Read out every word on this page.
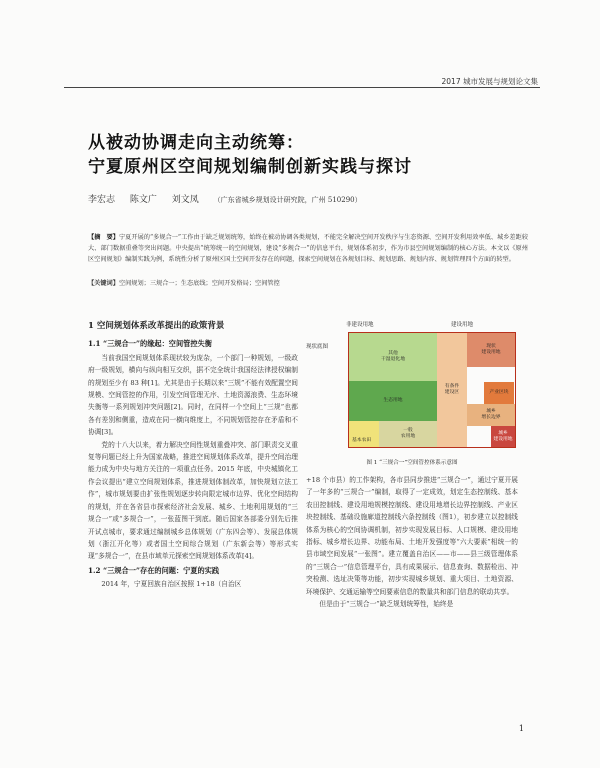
2017 城市发展与规划论文集
从被动协调走向主动统筹：
宁夏原州区空间规划编制创新实践与探讨
李宏志 陈文广 刘文凤 （广东省城乡规划设计研究院，广州 510290）
【摘　要】宁夏开展的“多规合一”工作由于缺乏规划统筹，始终在被动协调各类规划，不能完全解决空间开发秩序与生态资源、空间开发利用效率低、城乡差距较大、部门数据重叠等突出问题。中央提出“统筹统一的空间规划，建设“多规合一”的信息平台，规划体系初步，作为市县空间规划编制的核心方法。本文以《原州区空间规划》编制实践为例，系统性分析了原州区国土空间开发存在的问题，探索空间规划在各规划目标、规划思路、规划内容、规划管理四个方面的转型。
【关键词】空间规划；三规合一；生态底线；空间开发格局；空间管控
1 空间规划体系改革提出的政策背景
1.1 “三规合一”的缘起：空间管控失衡

当前我国空间规划体系现状较为庞杂，一个部门一种规划，一级政府一级规划，横向与纵向相互交织，据不完全统计我国经法律授权编制的规划至少有 83 种[1]。尤其是由于长期以来“三规”不能有效配置空间规模、空间管控的作用，引发空间管理无序、土地资源浪费、生态环境失衡等一系列规划冲突问题[2]。同时，在同样一个空间上“三规”也都各有差别和侧重，造成在同一横向维度上，不同规划管控存在矛盾和不协调[3]。

党的十八大以来，着力解决空间性规划重叠冲突、部门职责交叉重复等问题已经上升为国家战略，推进空间规划体系改革，提升空间治理能力成为中央与地方关注的一项重点任务。2015 年底，中央城镇化工作会议提出“建立空间规划体系，推进规划体制改革，加快规划立法工作”，城市规划要由扩张性规划逐步转向限定城市边界、优化空间结构的规划，并在各省县市探索经济社会发展、城乡、土地利用规划的“三规合一”或“多规合一”，一张蓝图干到底。随后国家各部委分别先后推开试点城市，要求通过编制城乡总体规划（广东四会等）、发展总体规划（浙江开化等）或者国土空间综合规划（广东新会等）等形式实现“多规合一”，在县市域单元探索空间规划体系改革[4]。

1.2 “三规合一”存在的问题：宁夏的实践

2014 年，宁夏回族自治区按照 1+18（自治区

非建设用地	建设用地
现状底图
其他
干湿退化地
生态用地
基本农田
一般
农用地
有条件
建设区
现状
建设用地
产业区块
城乡
增长边界
城乡
建设用地
图 1 “三规合一”空间管控体系示意图

+18 个市县）的工作架构，各市县同步推进“三规合一”，通过宁夏开展了一年多的“三规合一”编制，取得了一定成效，划定生态控制线、基本农田控制线、建设用地规模控制线、建设用地增长边界控制线、产业区块控制线、基础设施廊道控制线六条控制线（图1），初步建立以控制线体系为核心的空间协调机制，初步实现发展目标、人口规模、建设用地指标、城乡增长边界、功能布局、土地开发强度等“六大要素”相统一的县市域空间发展“一张图”。建立覆盖自治区——市——县三级管理体系的“三规合一”信息管理平台，具有成果展示、信息查询、数据检出、冲突检测、选址决策等功能，初步实现城乡规划、重大项目、土地资源、环境保护、交通运输等空间要素信息的数量共和部门信息的联动共享。

但是由于“三规合一”缺乏规划统筹性，始终是

1
